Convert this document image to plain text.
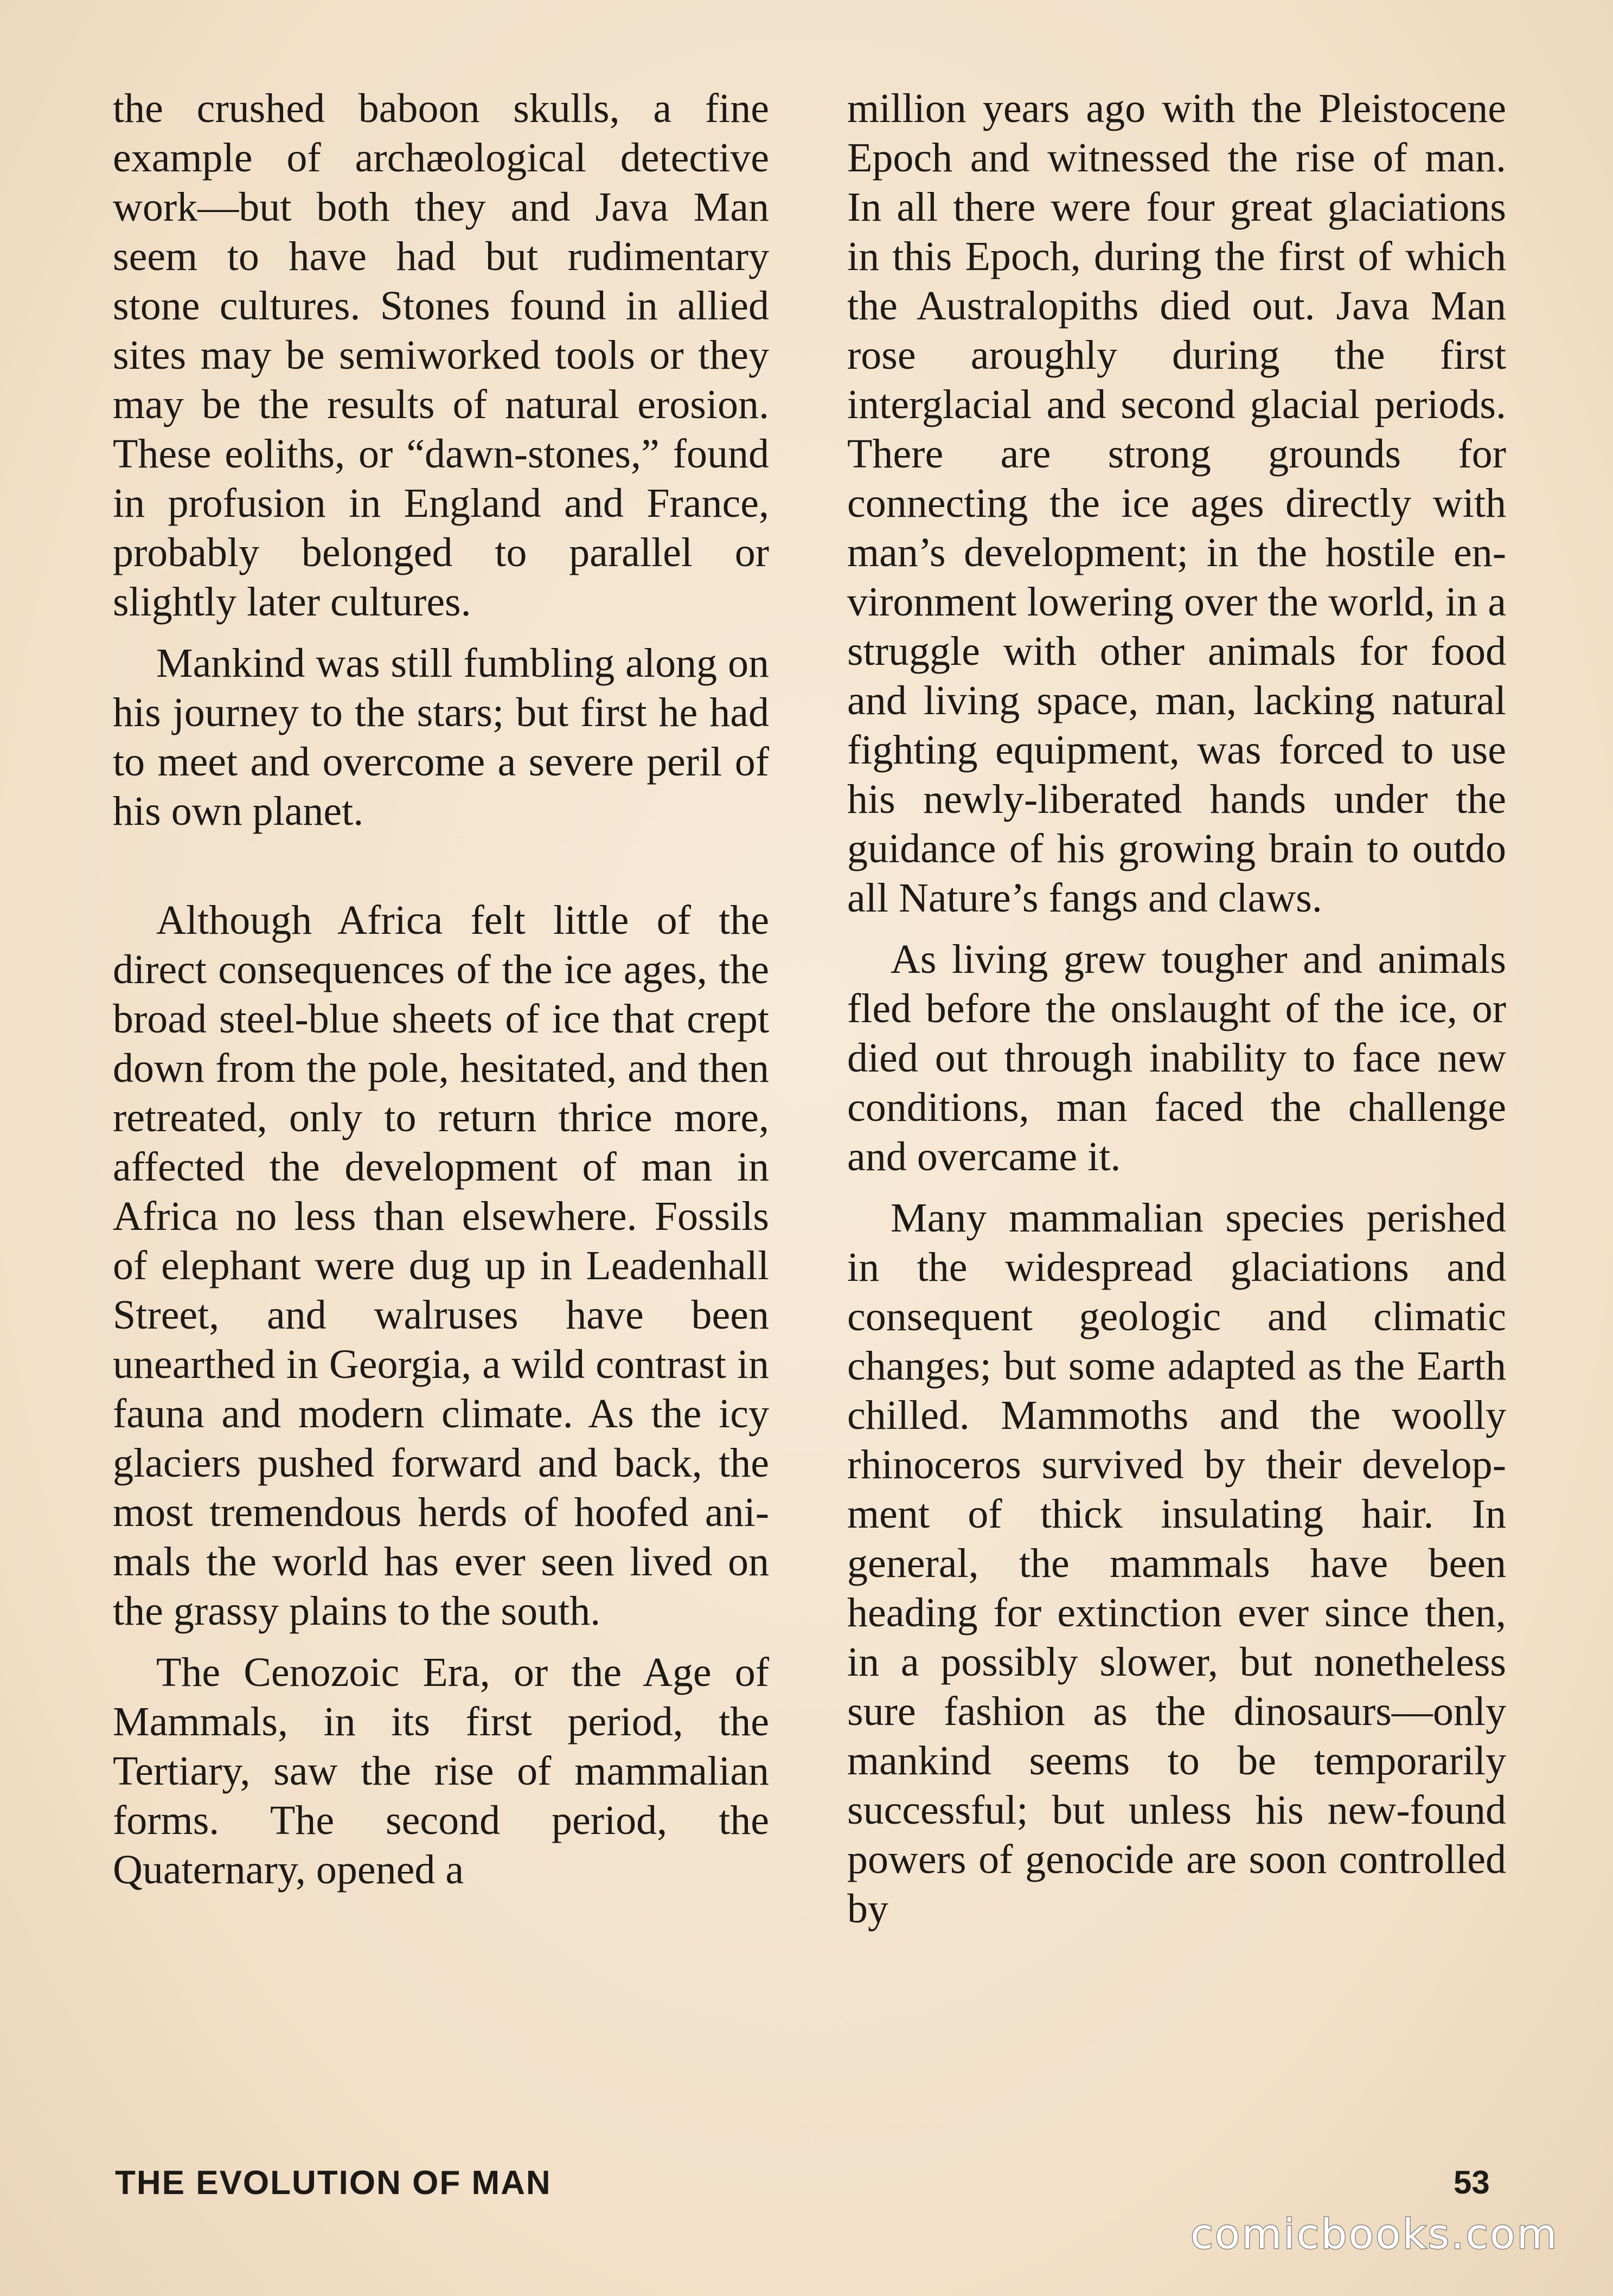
the crushed baboon skulls, a fine example of archæological detective work—but both they and Java Man seem to have had but rudimentary stone cultures. Stones found in allied sites may be semiworked tools or they may be the results of natural erosion. These eoliths, or “dawn-stones,” found in profusion in England and France, probably belonged to parallel or slightly later cultures.

Mankind was still fumbling along on his journey to the stars; but first he had to meet and overcome a severe peril of his own planet.

Although Africa felt little of the direct consequences of the ice ages, the broad steel-blue sheets of ice that crept down from the pole, hesitated, and then retreated, only to return thrice more, affected the development of man in Africa no less than elsewhere. Fossils of elephant were dug up in Leadenhall Street, and walruses have been unearthed in Georgia, a wild contrast in fauna and modern climate. As the icy glaciers pushed forward and back, the most tremendous herds of hoofed animals the world has ever seen lived on the grassy plains to the south.

The Cenozoic Era, or the Age of Mammals, in its first period, the Tertiary, saw the rise of mammalian forms. The second period, the Quaternary, opened a

million years ago with the Pleistocene Epoch and witnessed the rise of man. In all there were four great glaciations in this Epoch, during the first of which the Australopiths died out. Java Man rose aroughly during the first interglacial and second glacial periods. There are strong grounds for connecting the ice ages directly with man’s development; in the hostile environment lowering over the world, in a struggle with other animals for food and living space, man, lacking natural fighting equipment, was forced to use his newly-liberated hands under the guidance of his growing brain to outdo all Nature’s fangs and claws.

As living grew tougher and animals fled before the onslaught of the ice, or died out through inability to face new conditions, man faced the challenge and overcame it.

Many mammalian species perished in the widespread glaciations and consequent geologic and climatic changes; but some adapted as the Earth chilled. Mammoths and the woolly rhinoceros survived by their development of thick insulating hair. In general, the mammals have been heading for extinction ever since then, in a possibly slower, but nonetheless sure fashion as the dinosaurs—only mankind seems to be temporarily successful; but unless his new-found powers of genocide are soon controlled by

THE EVOLUTION OF MAN	53
comicbooks.com
